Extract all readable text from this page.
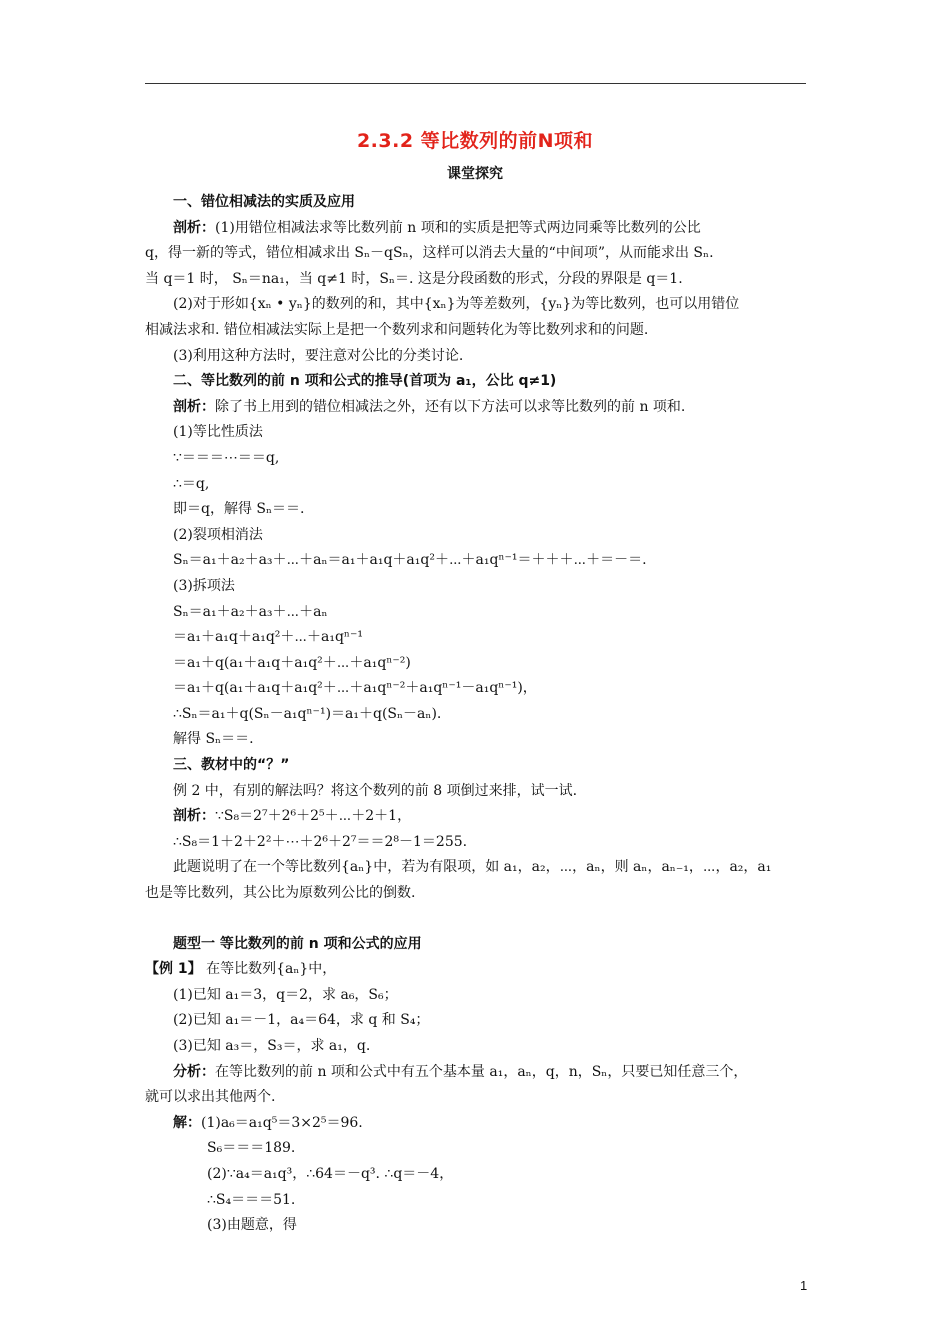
2.3.2 等比数列的前N项和
课堂探究
一、错位相减法的实质及应用
剖析：(1)用错位相减法求等比数列前 n 项和的实质是把等式两边同乘等比数列的公比
q，得一新的等式，错位相减求出 Sₙ－qSₙ，这样可以消去大量的“中间项”，从而能求出 Sₙ.
当 q＝1 时， Sₙ＝na₁，当 q≠1 时，Sₙ＝. 这是分段函数的形式，分段的界限是 q＝1.
(2)对于形如{xₙ • yₙ}的数列的和，其中{xₙ}为等差数列，{yₙ}为等比数列，也可以用错位
相减法求和. 错位相减法实际上是把一个数列求和问题转化为等比数列求和的问题.
(3)利用这种方法时，要注意对公比的分类讨论.
二、等比数列的前 n 项和公式的推导(首项为 a₁，公比 q≠1)
剖析：除了书上用到的错位相减法之外，还有以下方法可以求等比数列的前 n 项和.
(1)等比性质法
∵＝＝＝⋯＝＝q,
∴＝q,
即＝q，解得 Sₙ＝＝.
(2)裂项相消法
Sₙ＝a₁＋a₂＋a₃＋⋯＋aₙ＝a₁＋a₁q＋a₁q²＋⋯＋a₁qⁿ⁻¹＝＋＋＋⋯＋＝－＝.
(3)拆项法
Sₙ＝a₁＋a₂＋a₃＋⋯＋aₙ
＝a₁＋a₁q＋a₁q²＋⋯＋a₁qⁿ⁻¹
＝a₁＋q(a₁＋a₁q＋a₁q²＋⋯＋a₁qⁿ⁻²)
＝a₁＋q(a₁＋a₁q＋a₁q²＋⋯＋a₁qⁿ⁻²＋a₁qⁿ⁻¹－a₁qⁿ⁻¹)，
∴Sₙ＝a₁＋q(Sₙ－a₁qⁿ⁻¹)＝a₁＋q(Sₙ－aₙ).
解得 Sₙ＝＝.
三、教材中的“？”
例 2 中，有别的解法吗？将这个数列的前 8 项倒过来排，试一试.
剖析：∵S₈＝2⁷＋2⁶＋2⁵＋⋯＋2＋1，
∴S₈＝1＋2＋2²＋⋯＋2⁶＋2⁷＝＝2⁸－1＝255.
此题说明了在一个等比数列{aₙ}中，若为有限项，如 a₁，a₂，⋯，aₙ，则 aₙ，aₙ₋₁，⋯，a₂，a₁
也是等比数列，其公比为原数列公比的倒数.
题型一 等比数列的前 n 项和公式的应用
【例 1】 在等比数列{aₙ}中，
(1)已知 a₁＝3，q＝2，求 a₆，S₆；
(2)已知 a₁＝－1，a₄＝64，求 q 和 S₄；
(3)已知 a₃＝，S₃＝，求 a₁，q.
分析：在等比数列的前 n 项和公式中有五个基本量 a₁，aₙ，q，n，Sₙ，只要已知任意三个，
就可以求出其他两个.
解：(1)a₆＝a₁q⁵＝3×2⁵＝96.
S₆＝＝＝189.
(2)∵a₄＝a₁q³，∴64＝－q³. ∴q＝－4，
∴S₄＝＝＝51.
(3)由题意，得
1
